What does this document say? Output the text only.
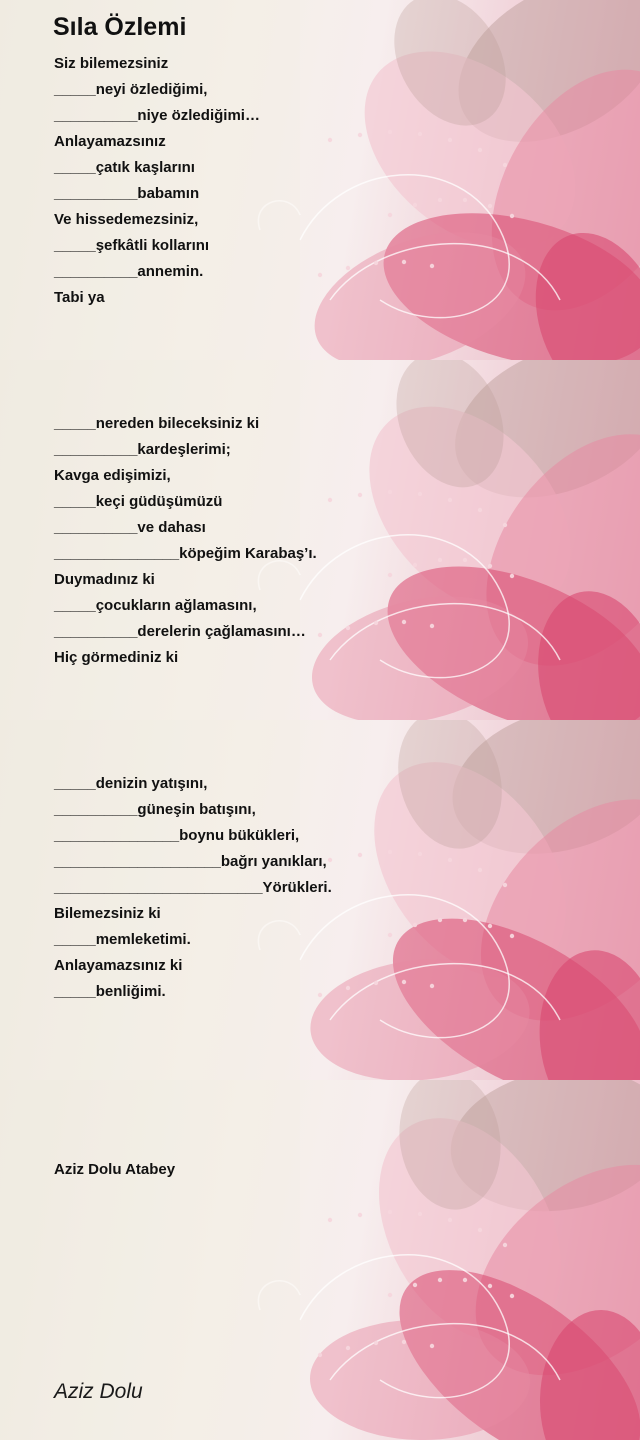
Sıla Özlemi
Siz bilemezsiniz
_____neyi özlediğimi,
__________niye özlediğimi…
Anlayamazsınız
_____çatık kaşlarını
__________babamın
Ve hissedemezsiniz,
_____şefkâtli kollarını
__________annemin.
Tabi ya
_____nereden bileceksiniz ki
__________kardeşlerimi;
Kavga edişimizi,
_____keçi güdüşümüzü
__________ve dahası
_______________köpeğim Karabaş’ı.
Duymadınız ki
_____çocukların ağlamasını,
__________derelerin çağlamasını…
Hiç görmediniz ki
_____denizin yatışını,
__________güneşin batışını,
_______________boynu bükükleri,
____________________bağrı yanıkları,
_________________________Yörükleri.
Bilemezsiniz ki
_____memleketimi.
Anlayamazsınız ki
_____benliğimi.
Aziz Dolu Atabey
Aziz Dolu
